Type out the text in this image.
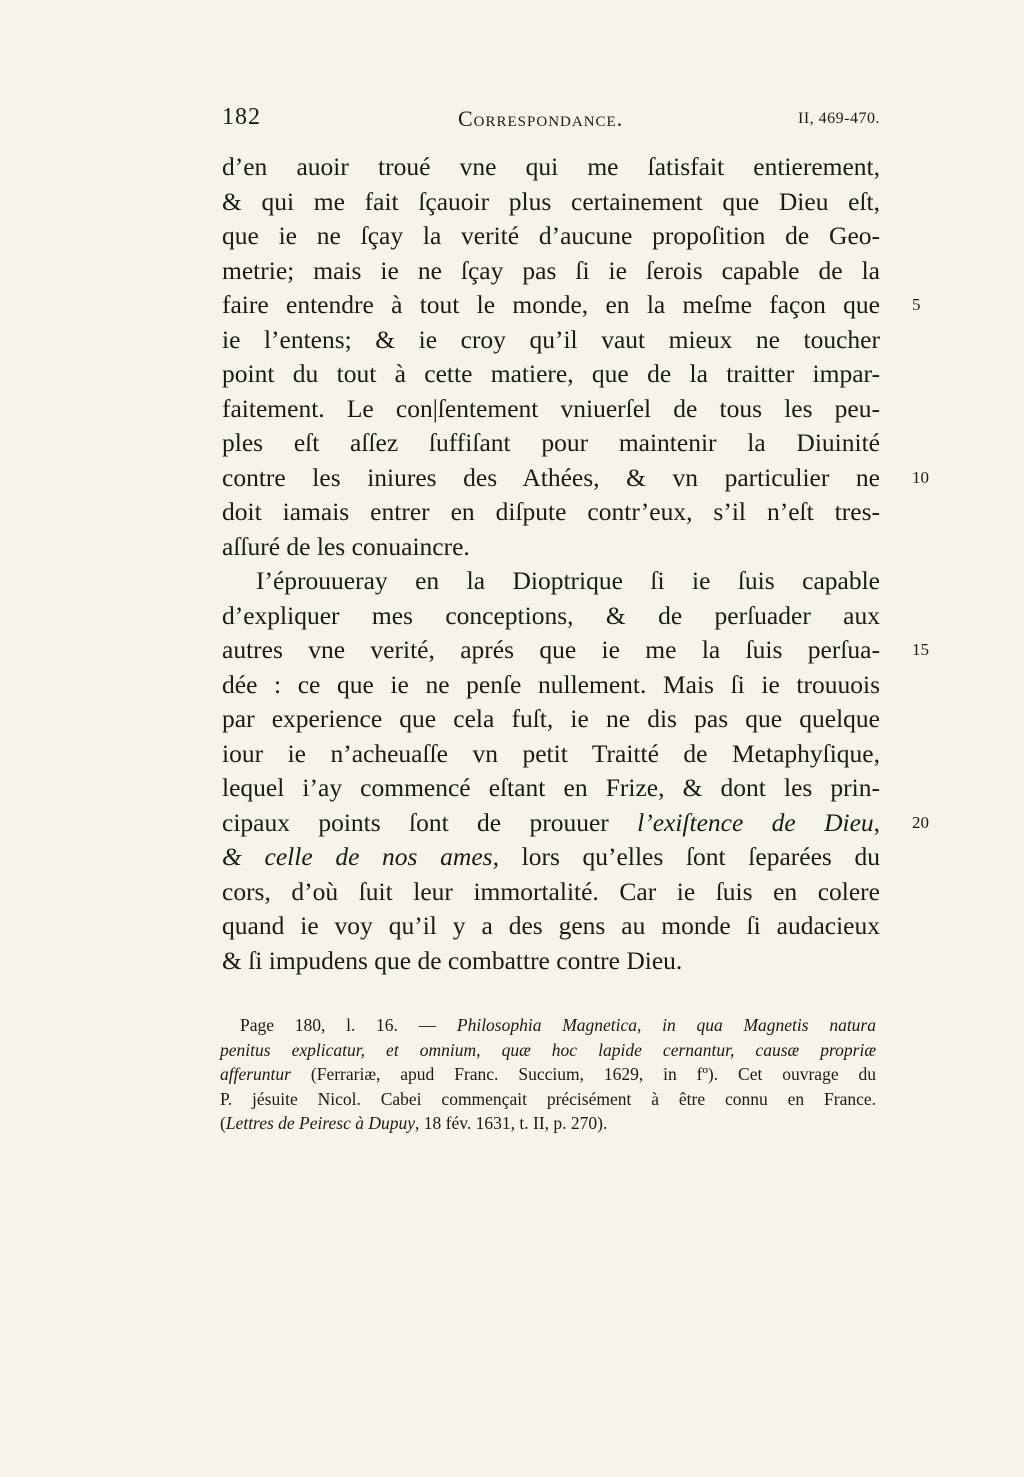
182	Correspondance.	II, 469-470.
d’en auoir troué vne qui me ſatisfait entierement,
& qui me fait ſçauoir plus certainement que Dieu eſt,
que ie ne ſçay la verité d’aucune propoſition de Geo-
metrie; mais ie ne ſçay pas ſi ie ſerois capable de la
faire entendre à tout le monde, en la meſme façon que 5
ie l’entens; & ie croy qu’il vaut mieux ne toucher
point du tout à cette matiere, que de la traitter impar-
faitement. Le con|ſentement vniuerſel de tous les peu-
ples eſt aſſez ſuffiſant pour maintenir la Diuinité
contre les iniures des Athées, & vn particulier ne 10
doit iamais entrer en diſpute contr’eux, s’il n’eſt tres-
aſſuré de les conuaincre.
I’éprouueray en la Dioptrique ſi ie ſuis capable
d’expliquer mes conceptions, & de perſuader aux
autres vne verité, aprés que ie me la ſuis perſua- 15
dée : ce que ie ne penſe nullement. Mais ſi ie trouuois
par experience que cela fuſt, ie ne dis pas que quelque
iour ie n’acheuaſſe vn petit Traitté de Metaphyſique,
lequel i’ay commencé eſtant en Frize, & dont les prin-
cipaux points ſont de prouuer l’exiſtence de Dieu, 20
& celle de nos ames, lors qu’elles ſont ſeparées du
cors, d’où ſuit leur immortalité. Car ie ſuis en colere
quand ie voy qu’il y a des gens au monde ſi audacieux
& ſi impudens que de combattre contre Dieu.
Page 180, l. 16. — Philosophia Magnetica, in qua Magnetis natura
penitus explicatur, et omnium, quæ hoc lapide cernantur, causæ propriæ
afferuntur (Ferrariæ, apud Franc. Succium, 1629, in fº). Cet ouvrage du
P. jésuite Nicol. Cabei commençait précisément à être connu en France.
(Lettres de Peiresc à Dupuy, 18 fév. 1631, t. II, p. 270).
